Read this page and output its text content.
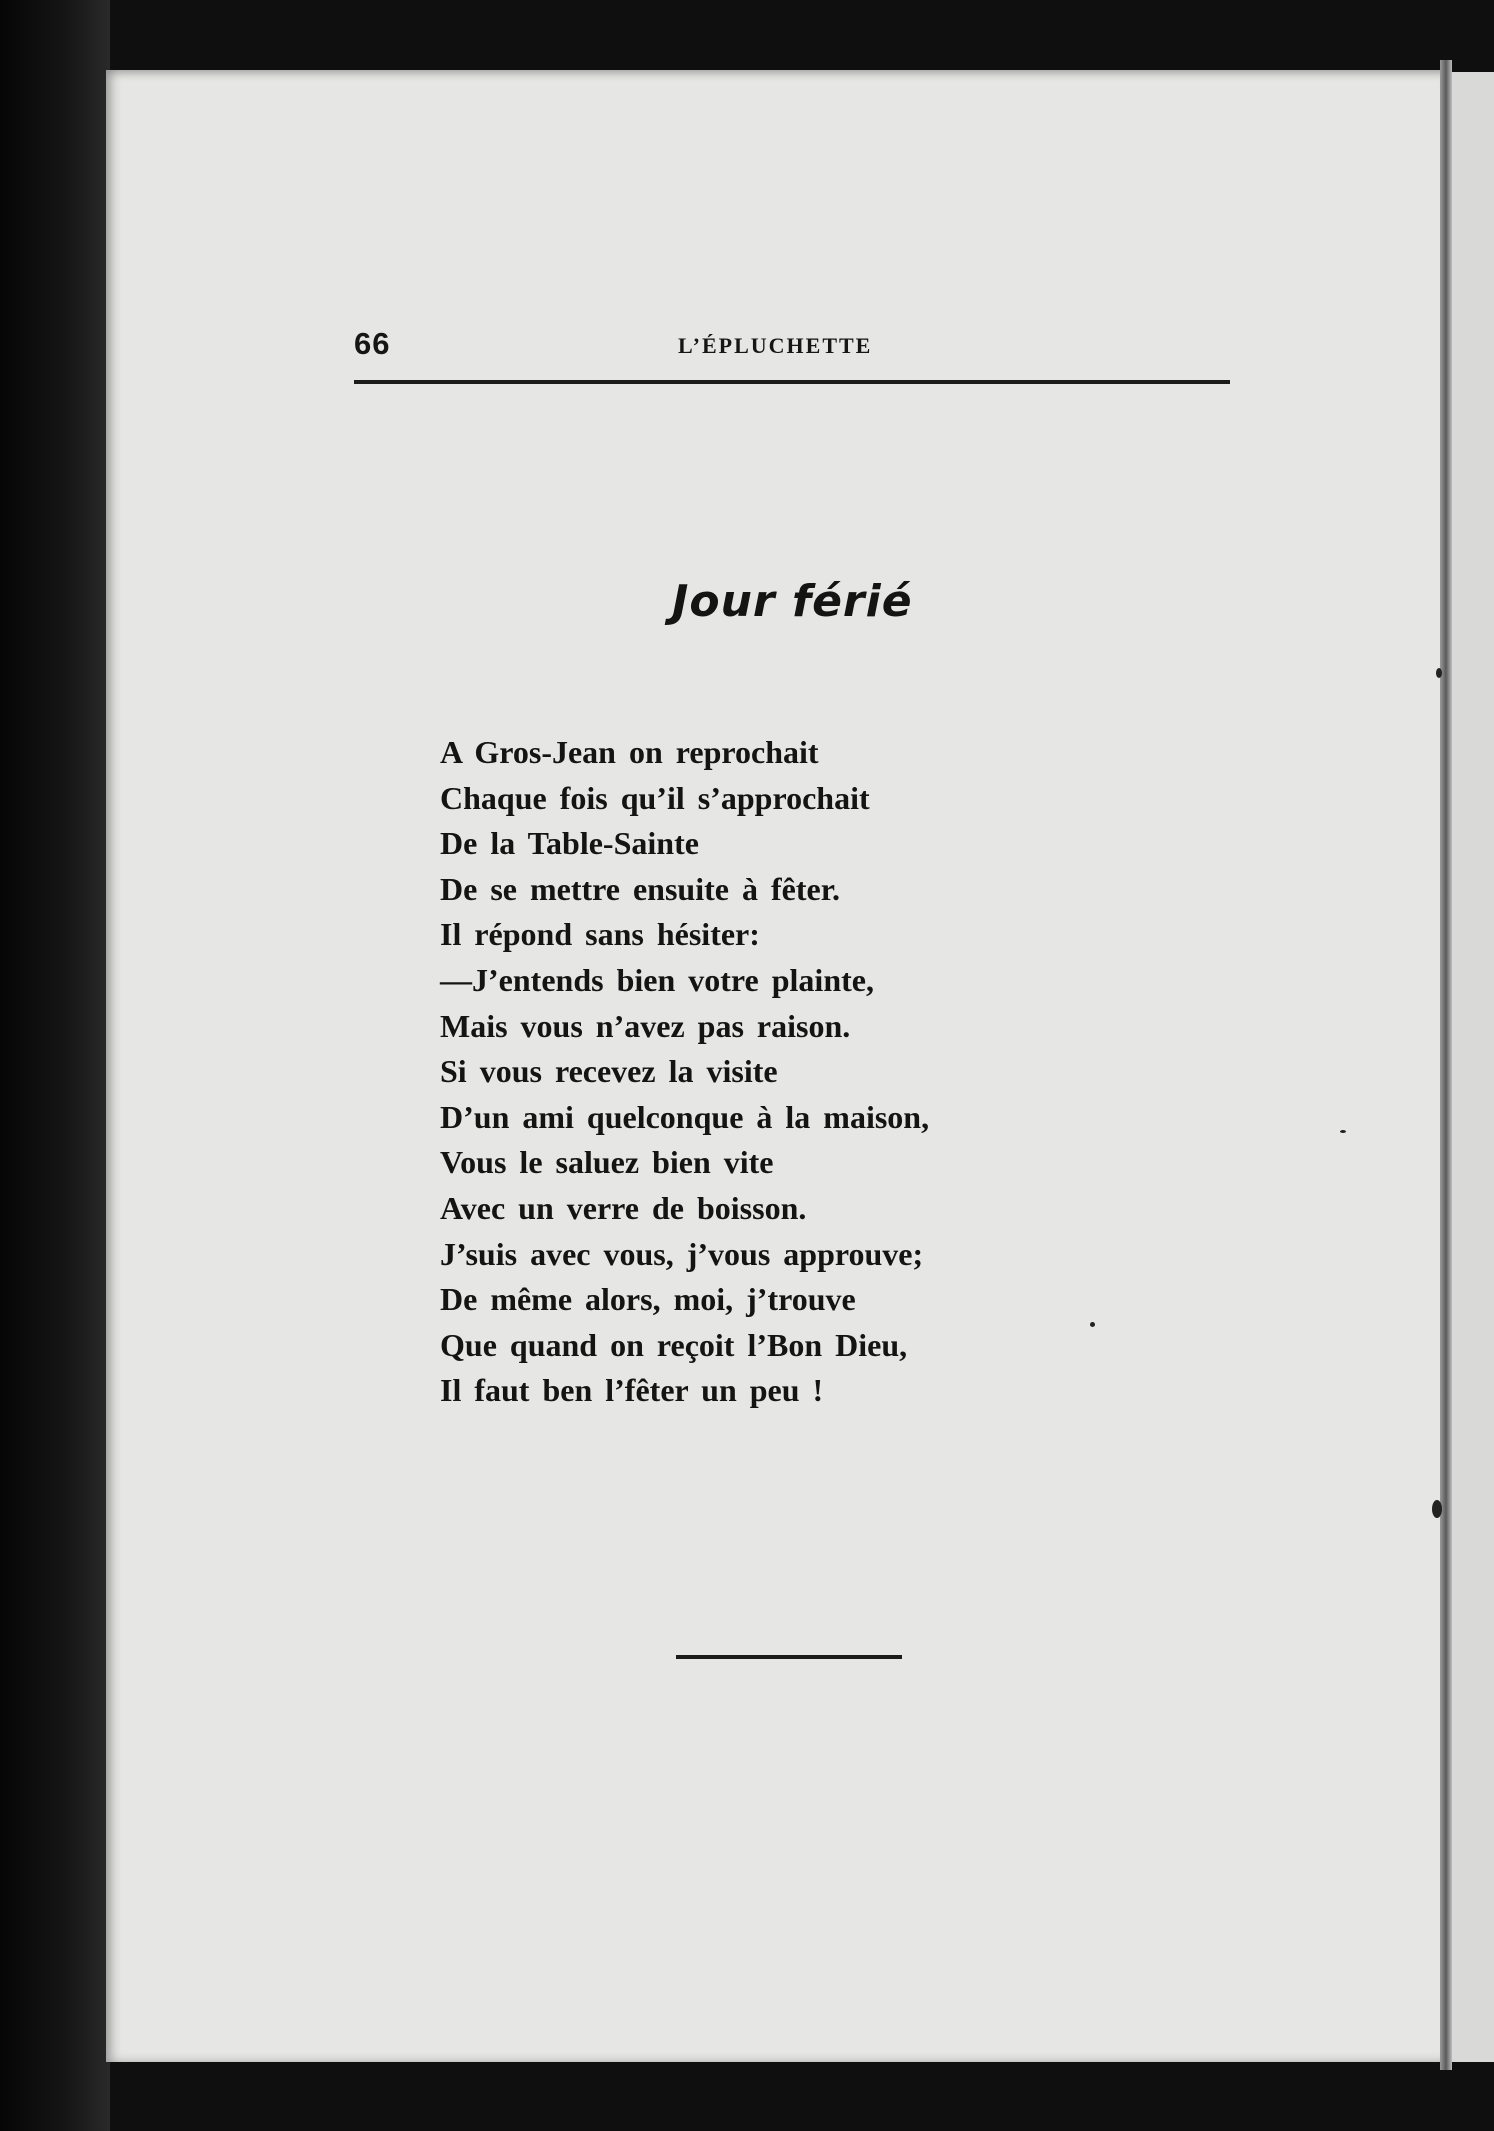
66	L’ÉPLUCHETTE
Jour férié
A Gros-Jean on reprochait
Chaque fois qu’il s’approchait
De la Table-Sainte
De se mettre ensuite à fêter.
Il répond sans hésiter:
—J’entends bien votre plainte,
Mais vous n’avez pas raison.
Si vous recevez la visite
D’un ami quelconque à la maison,
Vous le saluez bien vite
Avec un verre de boisson.
J’suis avec vous, j’vous approuve;
De même alors, moi, j’trouve
Que quand on reçoit l’Bon Dieu,
Il faut ben l’fêter un peu !
